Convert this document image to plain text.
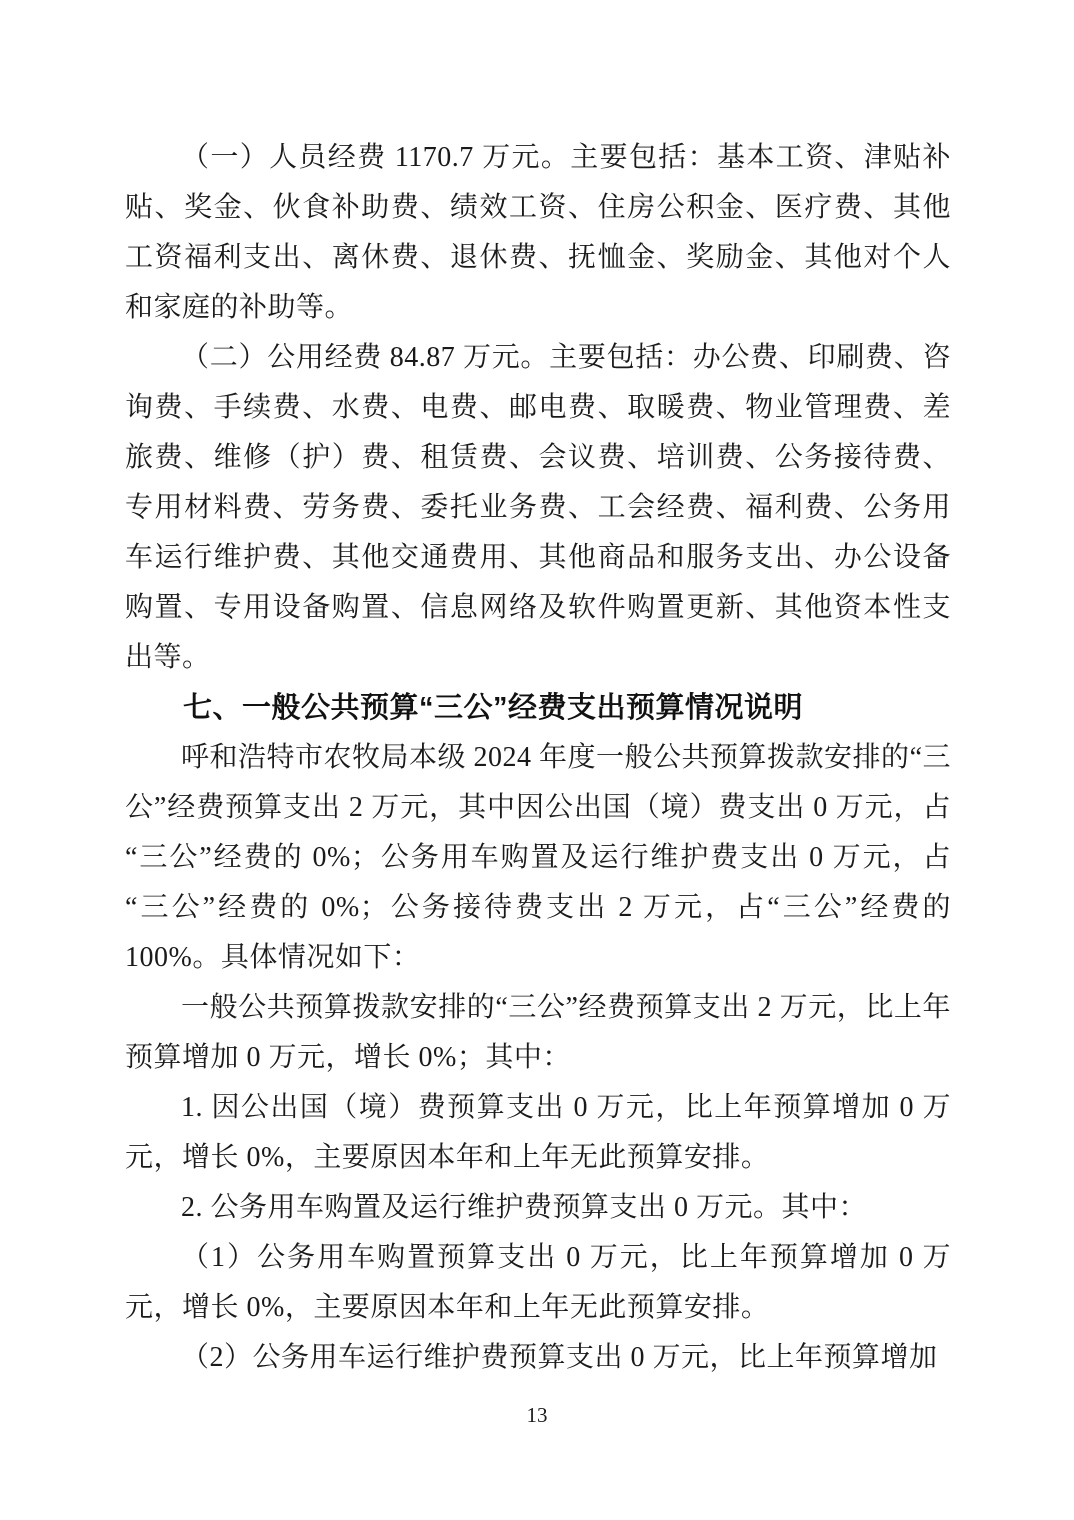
（一）人员经费 1170.7 万元。主要包括：基本工资、津贴补贴、奖金、伙食补助费、绩效工资、住房公积金、医疗费、其他工资福利支出、离休费、退休费、抚恤金、奖励金、其他对个人和家庭的补助等。

（二）公用经费 84.87 万元。主要包括：办公费、印刷费、咨询费、手续费、水费、电费、邮电费、取暖费、物业管理费、差旅费、维修（护）费、租赁费、会议费、培训费、公务接待费、专用材料费、劳务费、委托业务费、工会经费、福利费、公务用车运行维护费、其他交通费用、其他商品和服务支出、办公设备购置、专用设备购置、信息网络及软件购置更新、其他资本性支出等。

七、一般公共预算“三公”经费支出预算情况说明

呼和浩特市农牧局本级 2024 年度一般公共预算拨款安排的“三公”经费预算支出 2 万元，其中因公出国（境）费支出 0 万元，占“三公”经费的 0%；公务用车购置及运行维护费支出 0 万元，占“三公”经费的 0%；公务接待费支出 2 万元，占“三公”经费的 100%。具体情况如下：

一般公共预算拨款安排的“三公”经费预算支出 2 万元，比上年预算增加 0 万元，增长 0%；其中：

1. 因公出国（境）费预算支出 0 万元，比上年预算增加 0 万元，增长 0%，主要原因本年和上年无此预算安排。

2. 公务用车购置及运行维护费预算支出 0 万元。其中：

（1）公务用车购置预算支出 0 万元，比上年预算增加 0 万元，增长 0%，主要原因本年和上年无此预算安排。

（2）公务用车运行维护费预算支出 0 万元，比上年预算增加

13
